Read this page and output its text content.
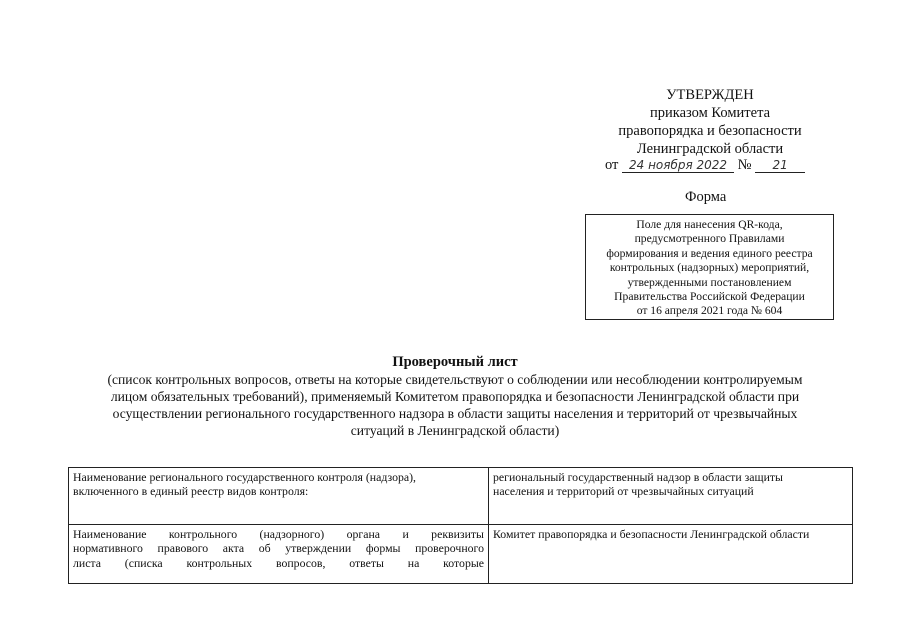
УТВЕРЖДЕН
приказом Комитета
правопорядка и безопасности
Ленинградской области
от 24 ноября 2022 № 21
Форма
Поле для нанесения QR-кода,
предусмотренного Правилами
формирования и ведения единого реестра
контрольных (надзорных) мероприятий,
утвержденными постановлением
Правительства Российской Федерации
от 16 апреля 2021 года № 604
Проверочный лист
(список контрольных вопросов, ответы на которые свидетельствуют о соблюдении или несоблюдении контролируемым
лицом обязательных требований), применяемый Комитетом правопорядка и безопасности Ленинградской области при
осуществлении регионального государственного надзора в области защиты населения и территорий от чрезвычайных
ситуаций в Ленинградской области)
Наименование регионального государственного контроля (надзора),
включенного в единый реестр видов контроля:	региональный государственный надзор в области защиты
населения и территорий от чрезвычайных ситуаций

Наименование контрольного (надзорного) органа и реквизиты
нормативного правового акта об утверждении формы проверочного
листа (списка контрольных вопросов, ответы на которые	Комитет правопорядка и безопасности Ленинградской области
